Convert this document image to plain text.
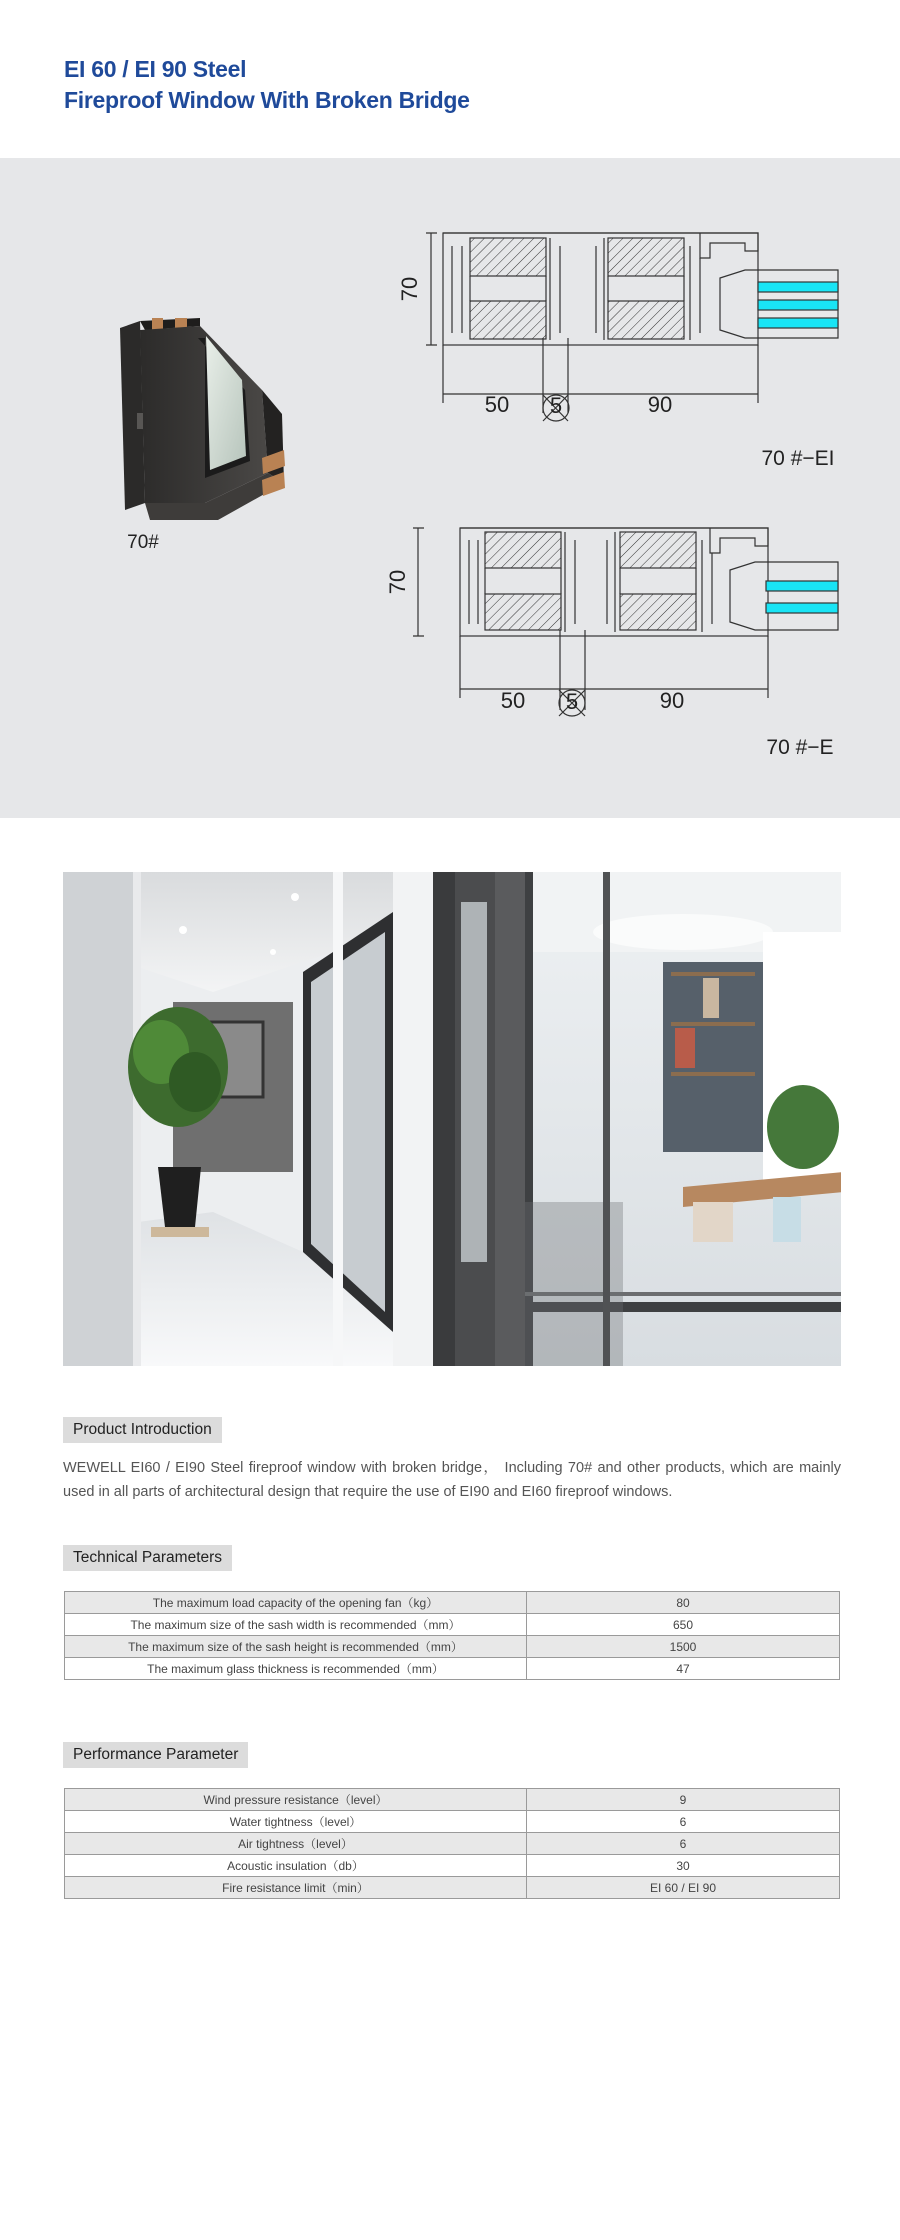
EI 60 / EI 90 Steel
Fireproof Window With Broken Bridge
70#
70
50 5	90
70 #−EI
70
50 5	90
70 #−E
Product Introduction
WEWELL EI60 / EI90 Steel fireproof window with broken bridge， Including 70# and other products, which are mainly used in all parts of architectural design that require the use of EI90 and EI60 fireproof windows.
Technical Parameters
The maximum load capacity of the opening fan（kg）	80
The maximum size of the sash width is recommended（mm）	650
The maximum size of the sash height is recommended（mm）	1500
The maximum glass thickness is recommended（mm）	47
Performance Parameter
Wind pressure resistance（level）	9
Water tightness（level）	6
Air tightness（level）	6
Acoustic insulation（db）	30
Fire resistance limit（min）	EI 60 / EI 90
